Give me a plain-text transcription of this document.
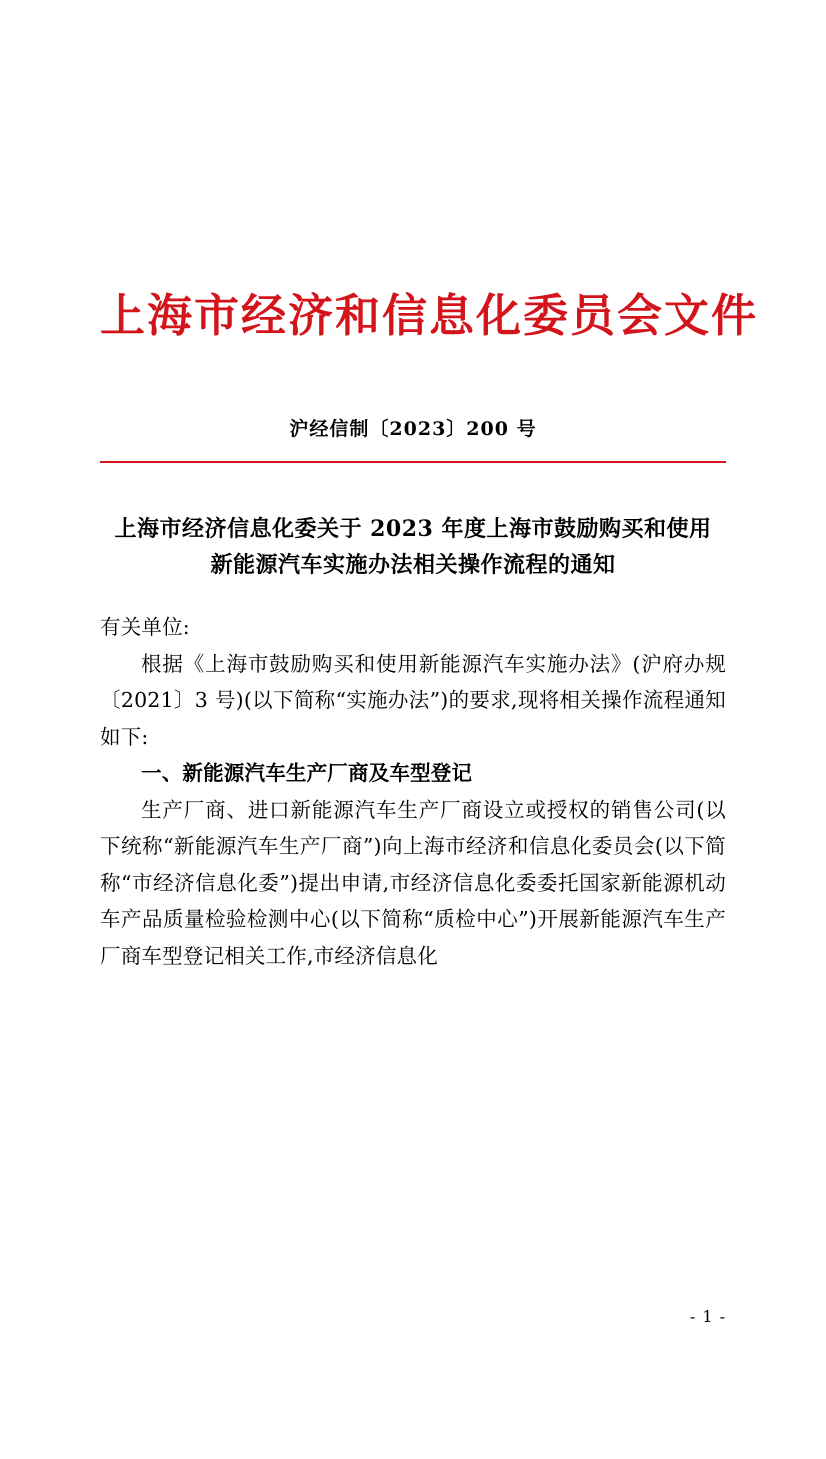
上海市经济和信息化委员会文件
沪经信制〔2023〕200 号
上海市经济信息化委关于 2023 年度上海市鼓励购买和使用
新能源汽车实施办法相关操作流程的通知

有关单位:

根据《上海市鼓励购买和使用新能源汽车实施办法》(沪府办规〔2021〕3 号)(以下简称“实施办法”)的要求,现将相关操作流程通知如下:

一、新能源汽车生产厂商及车型登记

生产厂商、进口新能源汽车生产厂商设立或授权的销售公司(以下统称“新能源汽车生产厂商”)向上海市经济和信息化委员会(以下简称“市经济信息化委”)提出申请,市经济信息化委委托国家新能源机动车产品质量检验检测中心(以下简称“质检中心”)开展新能源汽车生产厂商车型登记相关工作,市经济信息化

- 1 -
